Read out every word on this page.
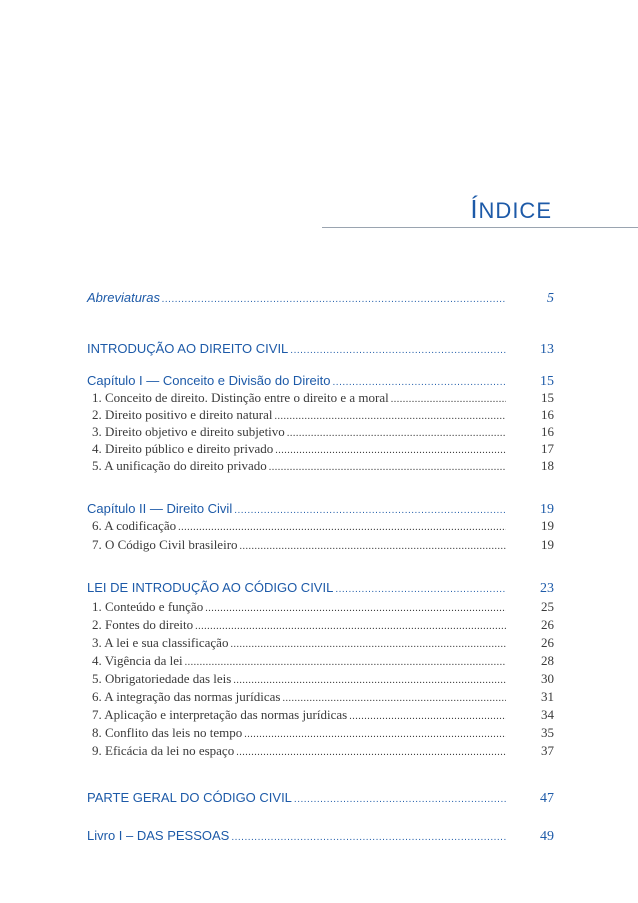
ÍNDICE
Abreviaturas .....	5
INTRODUÇÃO AO DIREITO CIVIL .....	13
Capítulo I — Conceito e Divisão do Direito .....	15
1. Conceito de direito. Distinção entre o direito e a moral .....	15
2. Direito positivo e direito natural .....	16
3. Direito objetivo e direito subjetivo .....	16
4. Direito público e direito privado .....	17
5. A unificação do direito privado .....	18
Capítulo II — Direito Civil .....	19
6. A codificação .....	19
7. O Código Civil brasileiro .....	19
LEI DE INTRODUÇÃO AO CÓDIGO CIVIL .....	23
1. Conteúdo e função .....	25
2. Fontes do direito .....	26
3. A lei e sua classificação .....	26
4. Vigência da lei .....	28
5. Obrigatoriedade das leis .....	30
6. A integração das normas jurídicas .....	31
7. Aplicação e interpretação das normas jurídicas .....	34
8. Conflito das leis no tempo .....	35
9. Eficácia da lei no espaço .....	37
PARTE GERAL DO CÓDIGO CIVIL .....	47
Livro I – DAS PESSOAS .....	49
